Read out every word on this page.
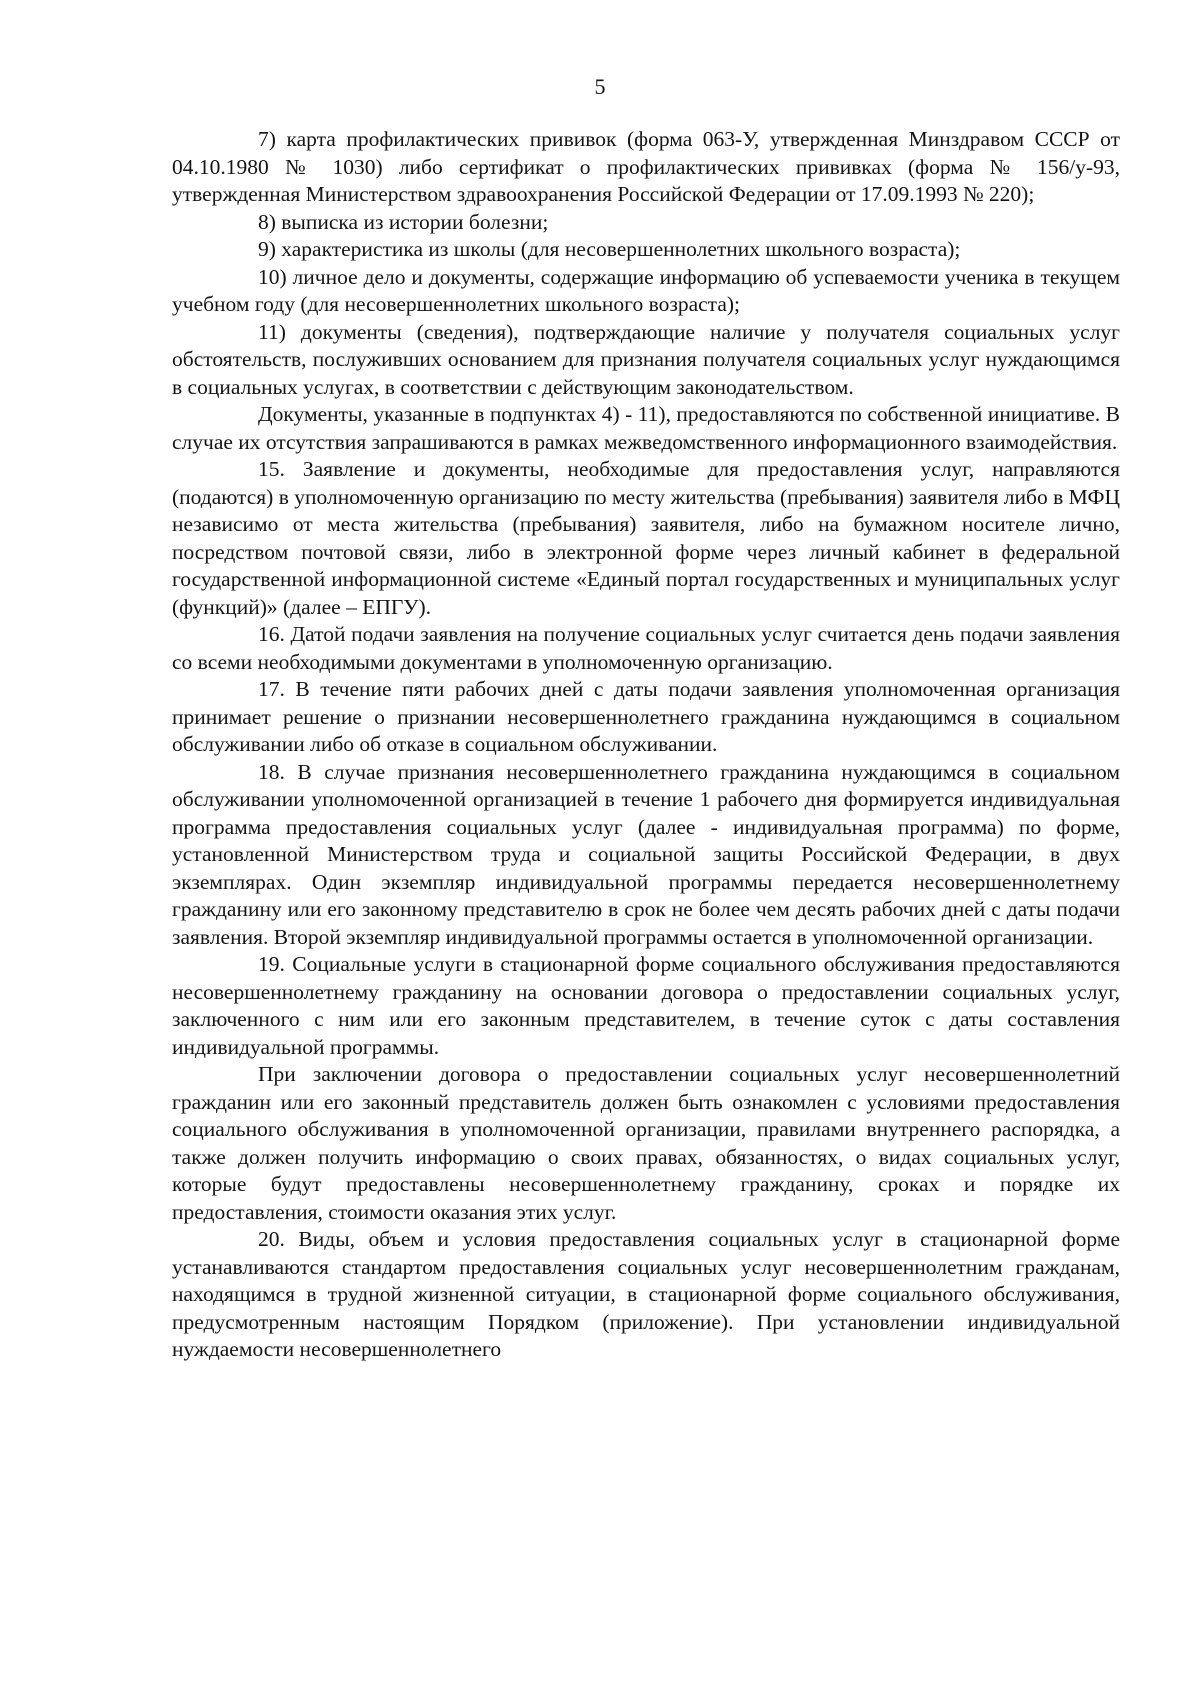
5

7) карта профилактических прививок (форма 063-У, утвержденная Минздравом СССР от 04.10.1980 № 1030) либо сертификат о профилактических прививках (форма № 156/у-93, утвержденная Министерством здравоохранения Российской Федерации от 17.09.1993 № 220);

8) выписка из истории болезни;

9) характеристика из школы (для несовершеннолетних школьного возраста);

10) личное дело и документы, содержащие информацию об успеваемости ученика в текущем учебном году (для несовершеннолетних школьного возраста);

11) документы (сведения), подтверждающие наличие у получателя социальных услуг обстоятельств, послуживших основанием для признания получателя социальных услуг нуждающимся в социальных услугах, в соответствии с действующим законодательством.

Документы, указанные в подпунктах 4) - 11), предоставляются по собственной инициативе. В случае их отсутствия запрашиваются в рамках межведомственного информационного взаимодействия.

15. Заявление и документы, необходимые для предоставления услуг, направляются (подаются) в уполномоченную организацию по месту жительства (пребывания) заявителя либо в МФЦ независимо от места жительства (пребывания) заявителя, либо на бумажном носителе лично, посредством почтовой связи, либо в электронной форме через личный кабинет в федеральной государственной информационной системе «Единый портал государственных и муниципальных услуг (функций)» (далее – ЕПГУ).

16. Датой подачи заявления на получение социальных услуг считается день подачи заявления со всеми необходимыми документами в уполномоченную организацию.

17. В течение пяти рабочих дней с даты подачи заявления уполномоченная организация принимает решение о признании несовершеннолетнего гражданина нуждающимся в социальном обслуживании либо об отказе в социальном обслуживании.

18. В случае признания несовершеннолетнего гражданина нуждающимся в социальном обслуживании уполномоченной организацией в течение 1 рабочего дня формируется индивидуальная программа предоставления социальных услуг (далее - индивидуальная программа) по форме, установленной Министерством труда и социальной защиты Российской Федерации, в двух экземплярах. Один экземпляр индивидуальной программы передается несовершеннолетнему гражданину или его законному представителю в срок не более чем десять рабочих дней с даты подачи заявления. Второй экземпляр индивидуальной программы остается в уполномоченной организации.

19. Социальные услуги в стационарной форме социального обслуживания предоставляются несовершеннолетнему гражданину на основании договора о предоставлении социальных услуг, заключенного с ним или его законным представителем, в течение суток с даты составления индивидуальной программы.

При заключении договора о предоставлении социальных услуг несовершеннолетний гражданин или его законный представитель должен быть ознакомлен с условиями предоставления социального обслуживания в уполномоченной организации, правилами внутреннего распорядка, а также должен получить информацию о своих правах, обязанностях, о видах социальных услуг, которые будут предоставлены несовершеннолетнему гражданину, сроках и порядке их предоставления, стоимости оказания этих услуг.

20. Виды, объем и условия предоставления социальных услуг в стационарной форме устанавливаются стандартом предоставления социальных услуг несовершеннолетним гражданам, находящимся в трудной жизненной ситуации, в стационарной форме социального обслуживания, предусмотренным настоящим Порядком (приложение). При установлении индивидуальной нуждаемости несовершеннолетнего
